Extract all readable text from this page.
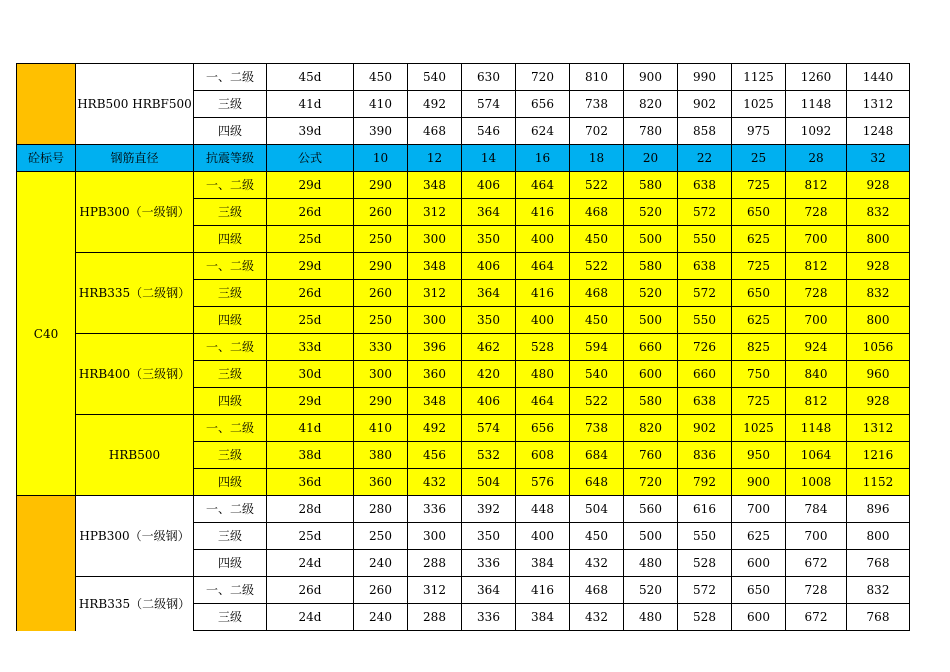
	HRB500 HRBF500	一、二级	45d	450	540	630	720	810	900	990	1125	1260	1440
		三级	41d	410	492	574	656	738	820	902	1025	1148	1312
		四级	39d	390	468	546	624	702	780	858	975	1092	1248
砼标号	钢筋直径	抗震等级	公式	10	12	14	16	18	20	22	25	28	32
C40	HPB300（一级钢）	一、二级	29d	290	348	406	464	522	580	638	725	812	928
		三级	26d	260	312	364	416	468	520	572	650	728	832
		四级	25d	250	300	350	400	450	500	550	625	700	800
	HRB335（二级钢）	一、二级	29d	290	348	406	464	522	580	638	725	812	928
		三级	26d	260	312	364	416	468	520	572	650	728	832
		四级	25d	250	300	350	400	450	500	550	625	700	800
	HRB400（三级钢）	一、二级	33d	330	396	462	528	594	660	726	825	924	1056
		三级	30d	300	360	420	480	540	600	660	750	840	960
		四级	29d	290	348	406	464	522	580	638	725	812	928
	HRB500	一、二级	41d	410	492	574	656	738	820	902	1025	1148	1312
		三级	38d	380	456	532	608	684	760	836	950	1064	1216
		四级	36d	360	432	504	576	648	720	792	900	1008	1152
	HPB300（一级钢）	一、二级	28d	280	336	392	448	504	560	616	700	784	896
		三级	25d	250	300	350	400	450	500	550	625	700	800
		四级	24d	240	288	336	384	432	480	528	600	672	768
	HRB335（二级钢）	一、二级	26d	260	312	364	416	468	520	572	650	728	832
		三级	24d	240	288	336	384	432	480	528	600	672	768
